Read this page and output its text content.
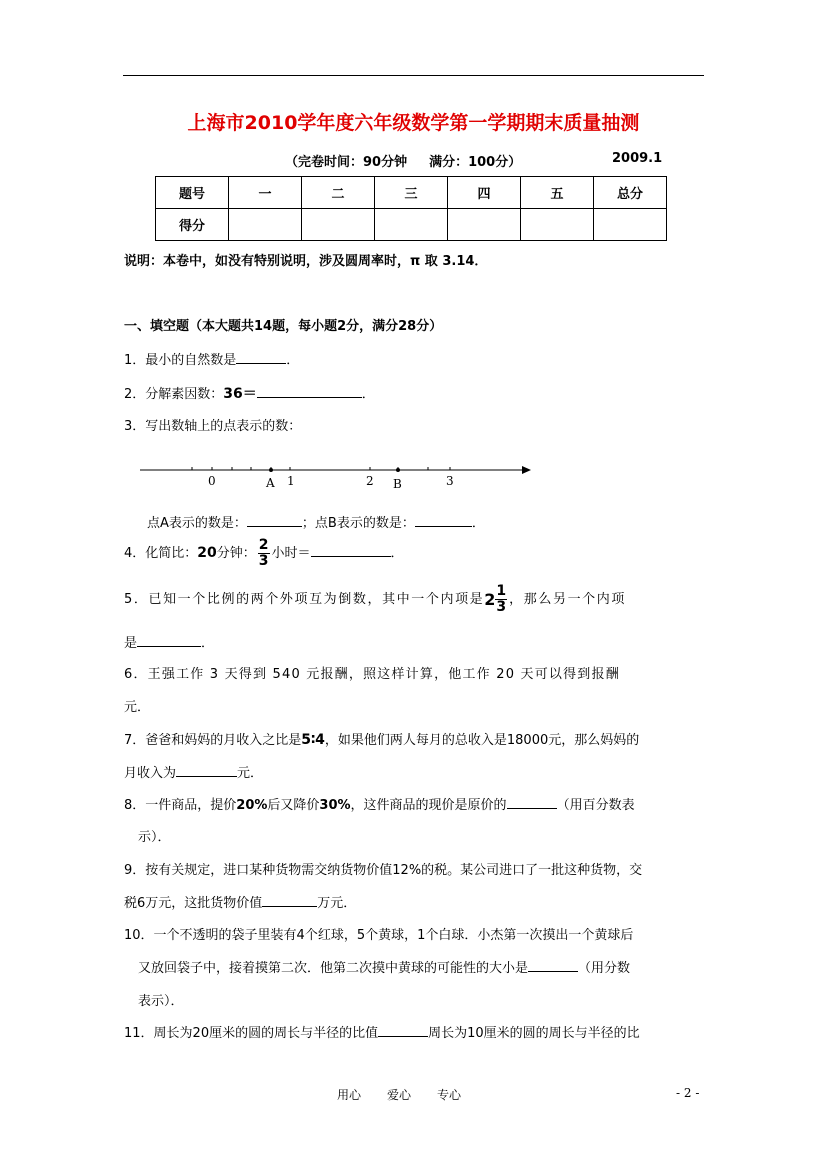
上海市2010学年度六年级数学第一学期期末质量抽测
（完卷时间：90分钟 满分：100分）	2009.1
题号	一	二	三	四	五	总分
得分						
说明：本卷中，如没有特别说明，涉及圆周率时，π 取 3.14．
一、填空题（本大题共14题，每小题2分，满分28分）
1．最小的自然数是	．
2．分解素因数：36＝	．
3．写出数轴上的点表示的数：
0	1	2	3
A	B
点A表示的数是：	；点B表示的数是：	．
4．化简比：20分钟： $\frac{2}{3}$ 小时＝	．
5．已知一个比例的两个外项互为倒数，其中一个内项是$2 \frac{1}{3}$ ，那么另一个内项
是	．
6．王强工作 3 天得到 540 元报酬，照这样计算，他工作 20 天可以得到报酬
元．
7．爸爸和妈妈的月收入之比是5∶4，如果他们两人每月的总收入是18000元，那么妈妈的
月收入为	元．
8．一件商品，提价20%后又降价30%，这件商品的现价是原价的	（用百分数表
示）．
9．按有关规定，进口某种货物需交纳货物价值12%的税。某公司进口了一批这种货物，交
税6万元，这批货物价值	万元．
10．一个不透明的袋子里装有4个红球，5个黄球，1个白球．小杰第一次摸出一个黄球后
又放回袋子中，接着摸第二次．他第二次摸中黄球的可能性的大小是	（用分数
表示）．
11．周长为20厘米的圆的周长与半径的比值	周长为10厘米的圆的周长与半径的比
用心 爱心 专心	- 2 -
